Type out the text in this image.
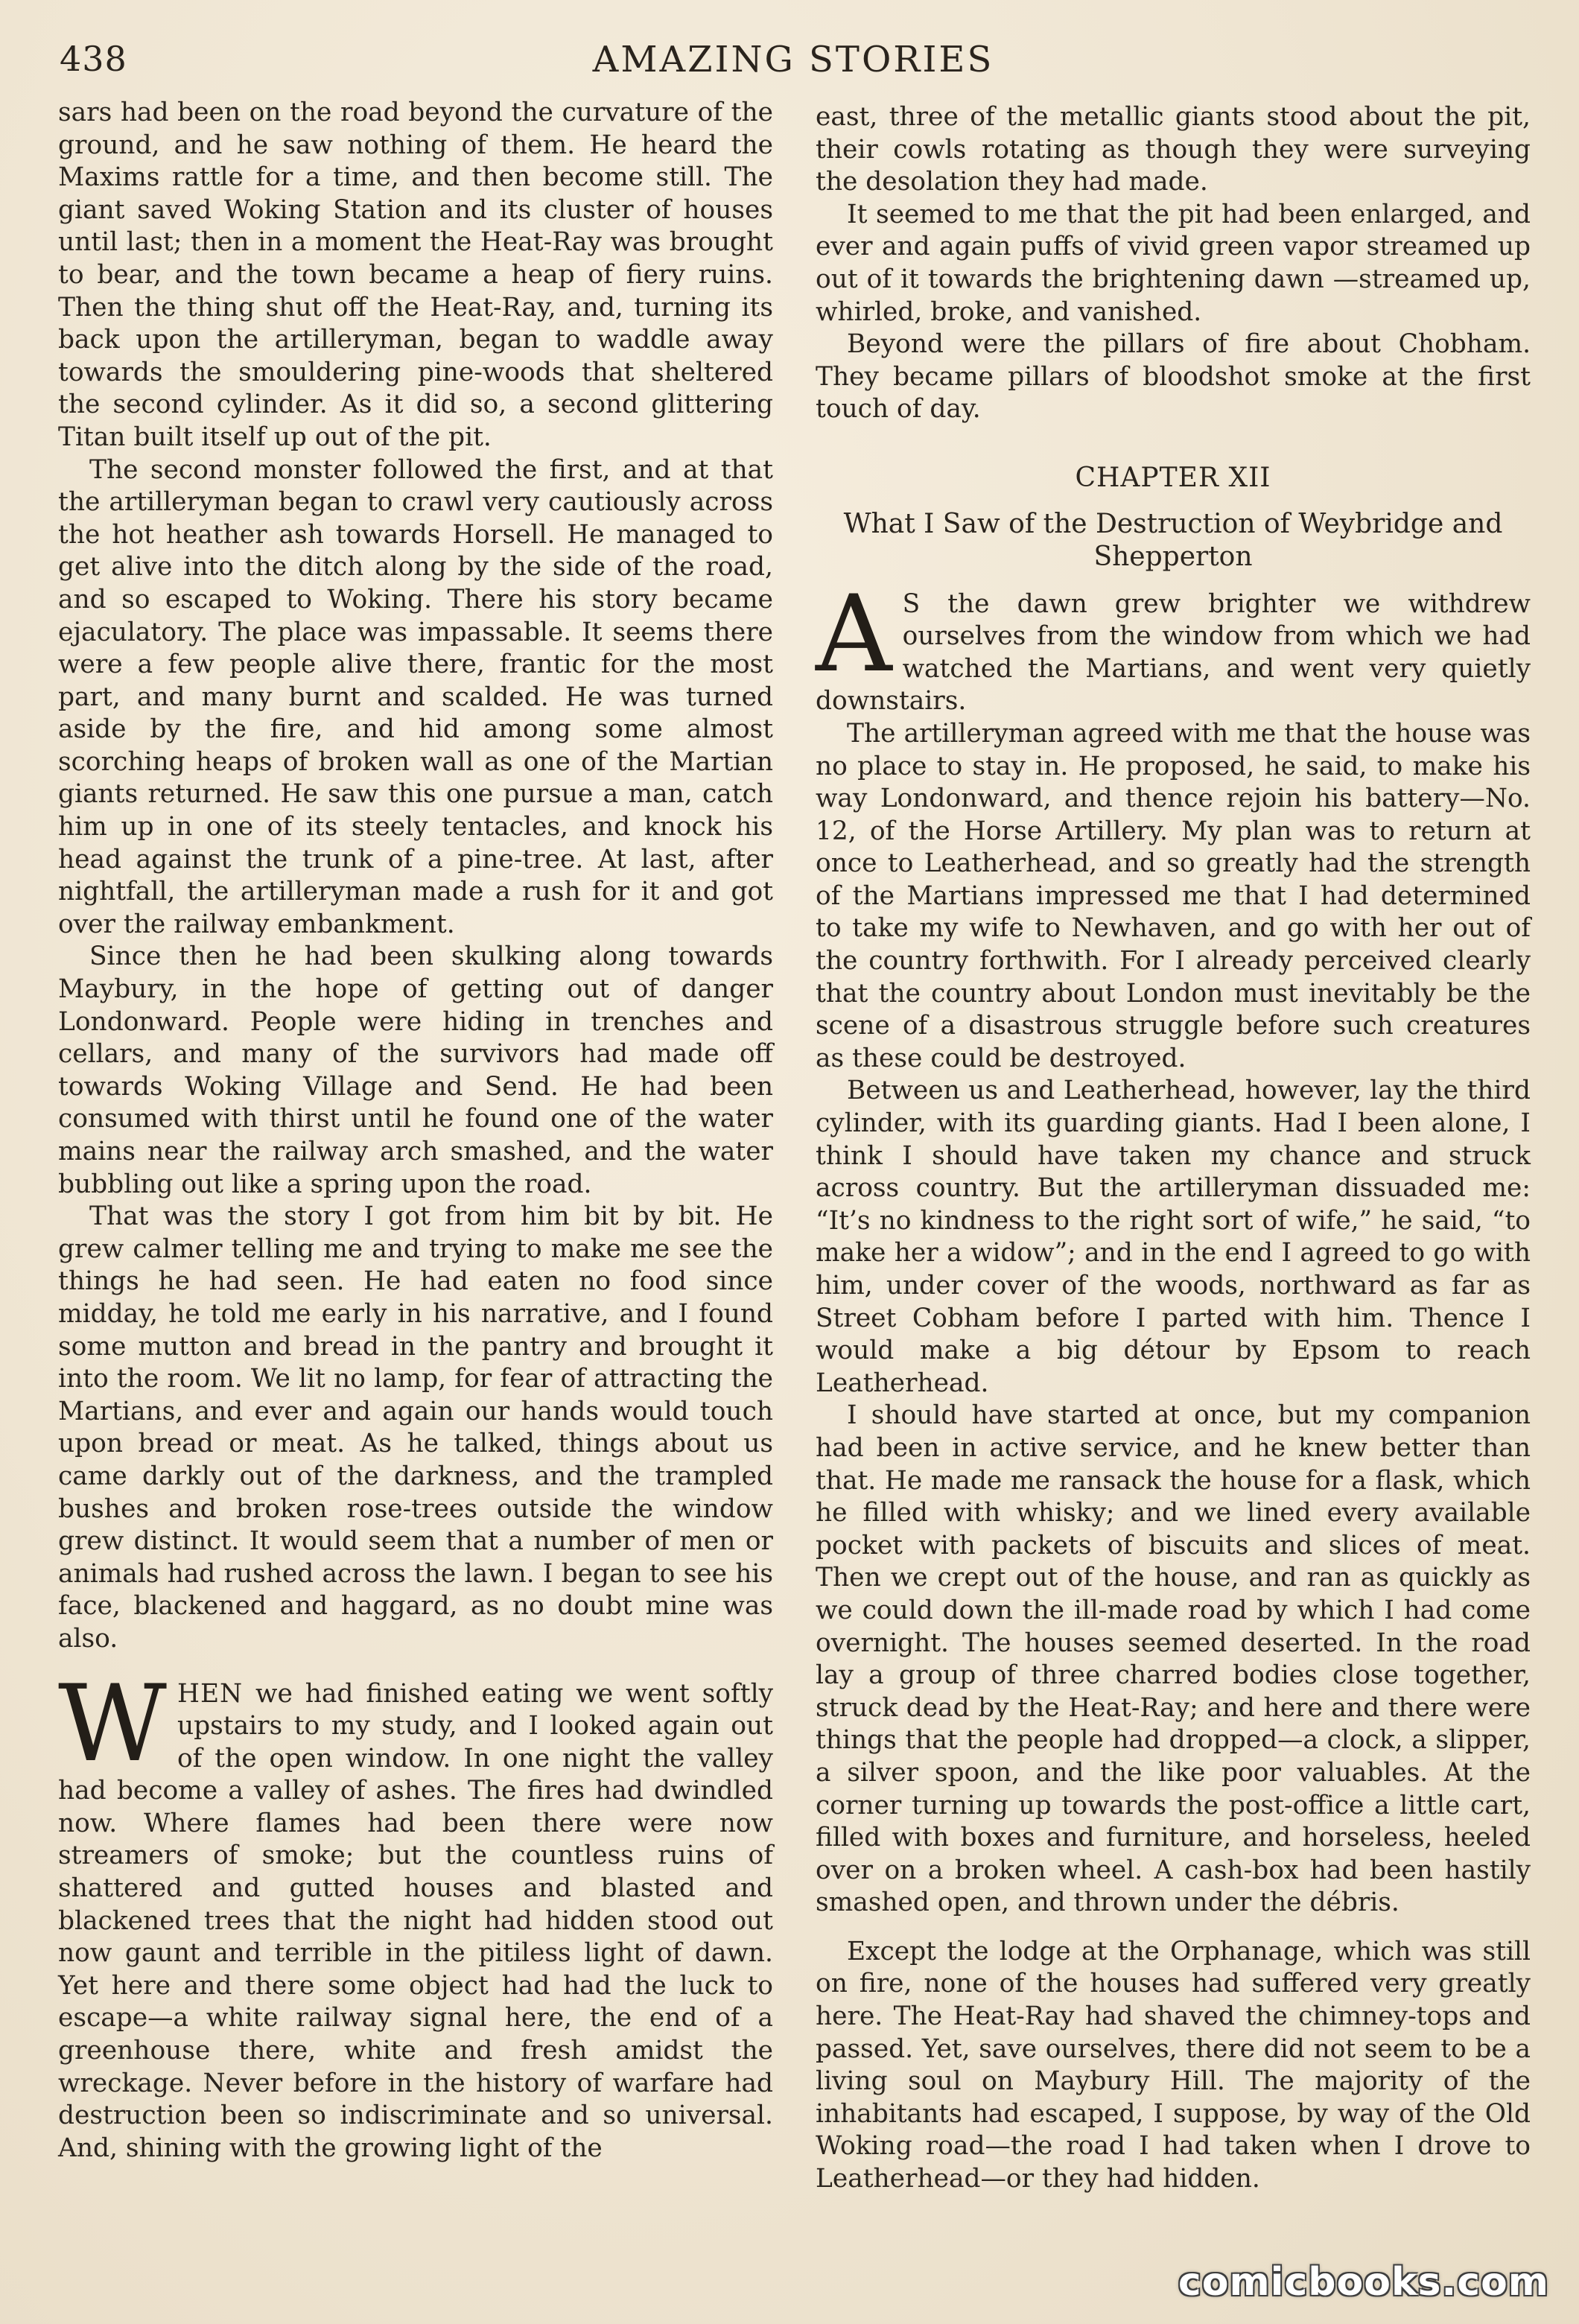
438	AMAZING STORIES

sars had been on the road beyond the curvature of the ground, and he saw nothing of them. He heard the Maxims rattle for a time, and then become still. The giant saved Woking Station and its cluster of houses until last; then in a moment the Heat-Ray was brought to bear, and the town became a heap of fiery ruins. Then the thing shut off the Heat-Ray, and, turning its back upon the artilleryman, began to waddle away towards the smouldering pine-woods that sheltered the second cylinder. As it did so, a second glittering Titan built itself up out of the pit.

The second monster followed the first, and at that the artilleryman began to crawl very cautiously across the hot heather ash towards Horsell. He managed to get alive into the ditch along by the side of the road, and so escaped to Woking. There his story became ejaculatory. The place was impassable. It seems there were a few people alive there, frantic for the most part, and many burnt and scalded. He was turned aside by the fire, and hid among some almost scorching heaps of broken wall as one of the Martian giants returned. He saw this one pursue a man, catch him up in one of its steely tentacles, and knock his head against the trunk of a pine-tree. At last, after nightfall, the artilleryman made a rush for it and got over the railway embankment.

Since then he had been skulking along towards Maybury, in the hope of getting out of danger Londonward. People were hiding in trenches and cellars, and many of the survivors had made off towards Woking Village and Send. He had been consumed with thirst until he found one of the water mains near the railway arch smashed, and the water bubbling out like a spring upon the road.

That was the story I got from him bit by bit. He grew calmer telling me and trying to make me see the things he had seen. He had eaten no food since midday, he told me early in his narrative, and I found some mutton and bread in the pantry and brought it into the room. We lit no lamp, for fear of attracting the Martians, and ever and again our hands would touch upon bread or meat. As he talked, things about us came darkly out of the darkness, and the trampled bushes and broken rose-trees outside the window grew distinct. It would seem that a number of men or animals had rushed across the lawn. I began to see his face, blackened and haggard, as no doubt mine was also.

WHEN we had finished eating we went softly upstairs to my study, and I looked again out of the open window. In one night the valley had become a valley of ashes. The fires had dwindled now. Where flames had been there were now streamers of smoke; but the countless ruins of shattered and gutted houses and blasted and blackened trees that the night had hidden stood out now gaunt and terrible in the pitiless light of dawn. Yet here and there some object had had the luck to escape—a white railway signal here, the end of a greenhouse there, white and fresh amidst the wreckage. Never before in the history of warfare had destruction been so indiscriminate and so universal. And, shining with the growing light of the

east, three of the metallic giants stood about the pit, their cowls rotating as though they were surveying the desolation they had made.

It seemed to me that the pit had been enlarged, and ever and again puffs of vivid green vapor streamed up out of it towards the brightening dawn —streamed up, whirled, broke, and vanished.

Beyond were the pillars of fire about Chobham. They became pillars of bloodshot smoke at the first touch of day.

CHAPTER XII
What I Saw of the Destruction of Weybridge and Shepperton

A S the dawn grew brighter we withdrew ourselves from the window from which we had watched the Martians, and went very quietly downstairs.

The artilleryman agreed with me that the house was no place to stay in. He proposed, he said, to make his way Londonward, and thence rejoin his battery—No. 12, of the Horse Artillery. My plan was to return at once to Leatherhead, and so greatly had the strength of the Martians impressed me that I had determined to take my wife to Newhaven, and go with her out of the country forthwith. For I already perceived clearly that the country about London must inevitably be the scene of a disastrous struggle before such creatures as these could be destroyed.

Between us and Leatherhead, however, lay the third cylinder, with its guarding giants. Had I been alone, I think I should have taken my chance and struck across country. But the artilleryman dissuaded me: “It’s no kindness to the right sort of wife,” he said, “to make her a widow”; and in the end I agreed to go with him, under cover of the woods, northward as far as Street Cobham before I parted with him. Thence I would make a big détour by Epsom to reach Leatherhead.

I should have started at once, but my companion had been in active service, and he knew better than that. He made me ransack the house for a flask, which he filled with whisky; and we lined every available pocket with packets of biscuits and slices of meat. Then we crept out of the house, and ran as quickly as we could down the ill-made road by which I had come overnight. The houses seemed deserted. In the road lay a group of three charred bodies close together, struck dead by the Heat-Ray; and here and there were things that the people had dropped—a clock, a slipper, a silver spoon, and the like poor valuables. At the corner turning up towards the post-office a little cart, filled with boxes and furniture, and horseless, heeled over on a broken wheel. A cash-box had been hastily smashed open, and thrown under the débris.

Except the lodge at the Orphanage, which was still on fire, none of the houses had suffered very greatly here. The Heat-Ray had shaved the chimney-tops and passed. Yet, save ourselves, there did not seem to be a living soul on Maybury Hill. The majority of the inhabitants had escaped, I suppose, by way of the Old Woking road—the road I had taken when I drove to Leatherhead—or they had hidden.

comicbooks.com
